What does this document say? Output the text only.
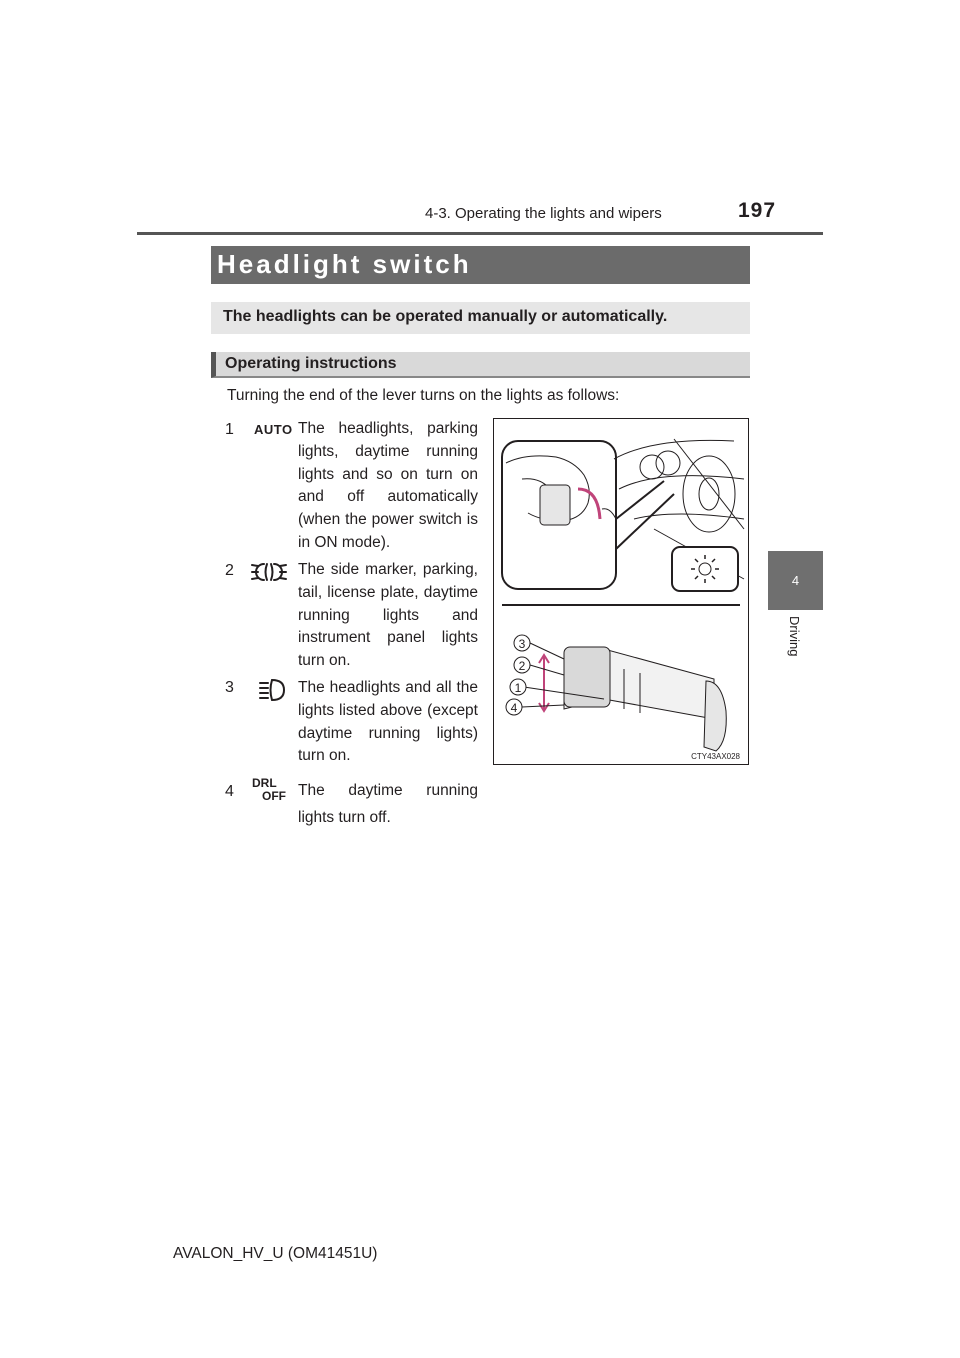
4-3. Operating the lights and wipers	197
4
Driving
Headlight switch
The headlights can be operated manually or automatically.
Operating instructions
Turning the end of the lever turns on the lights as follows:
1 AUTO The headlights, parking lights, daytime running lights and so on turn on and off automatically (when the power switch is in ON mode).
2	The side marker, parking, tail, license plate, daytime running lights and instrument panel lights turn on.
3	The headlights and all the lights listed above (except daytime running lights) turn on.
4 DRL
OFF The daytime running lights turn off.
3
2
1
4
CTY43AX028
AVALON_HV_U (OM41451U)
